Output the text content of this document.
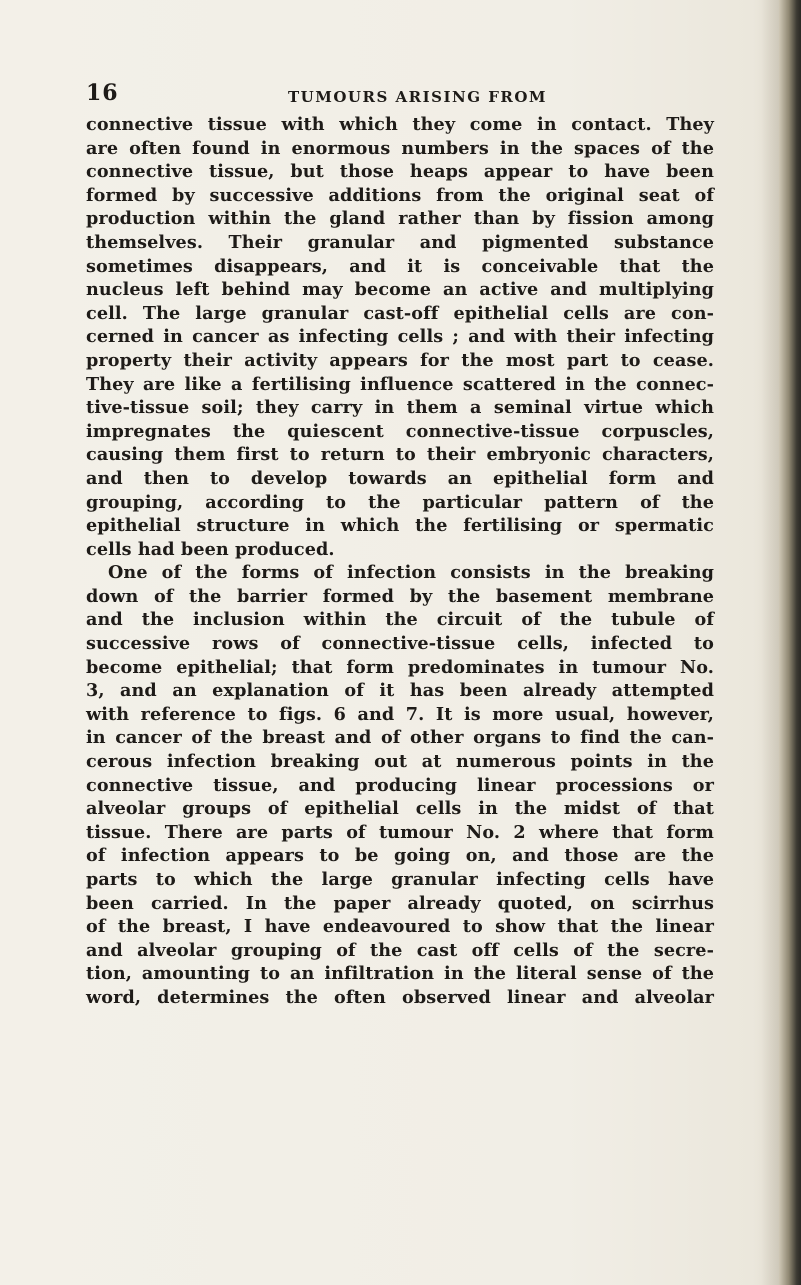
16	TUMOURS ARISING FROM
connective tissue with which they come in contact. They
are often found in enormous numbers in the spaces of the
connective tissue, but those heaps appear to have been
formed by successive additions from the original seat of
production within the gland rather than by fission among
themselves. Their granular and pigmented substance
sometimes disappears, and it is conceivable that the
nucleus left behind may become an active and multiplying
cell. The large granular cast-off epithelial cells are con-
cerned in cancer as infecting cells ; and with their infecting
property their activity appears for the most part to cease.
They are like a fertilising influence scattered in the connec-
tive-tissue soil; they carry in them a seminal virtue which
impregnates the quiescent connective-tissue corpuscles,
causing them first to return to their embryonic characters,
and then to develop towards an epithelial form and
grouping, according to the particular pattern of the
epithelial structure in which the fertilising or spermatic
cells had been produced.
One of the forms of infection consists in the breaking
down of the barrier formed by the basement membrane
and the inclusion within the circuit of the tubule of
successive rows of connective-tissue cells, infected to
become epithelial; that form predominates in tumour No.
3, and an explanation of it has been already attempted
with reference to figs. 6 and 7. It is more usual, however,
in cancer of the breast and of other organs to find the can-
cerous infection breaking out at numerous points in the
connective tissue, and producing linear processions or
alveolar groups of epithelial cells in the midst of that
tissue. There are parts of tumour No. 2 where that form
of infection appears to be going on, and those are the
parts to which the large granular infecting cells have
been carried. In the paper already quoted, on scirrhus
of the breast, I have endeavoured to show that the linear
and alveolar grouping of the cast off cells of the secre-
tion, amounting to an infiltration in the literal sense of the
word, determines the often observed linear and alveolar
